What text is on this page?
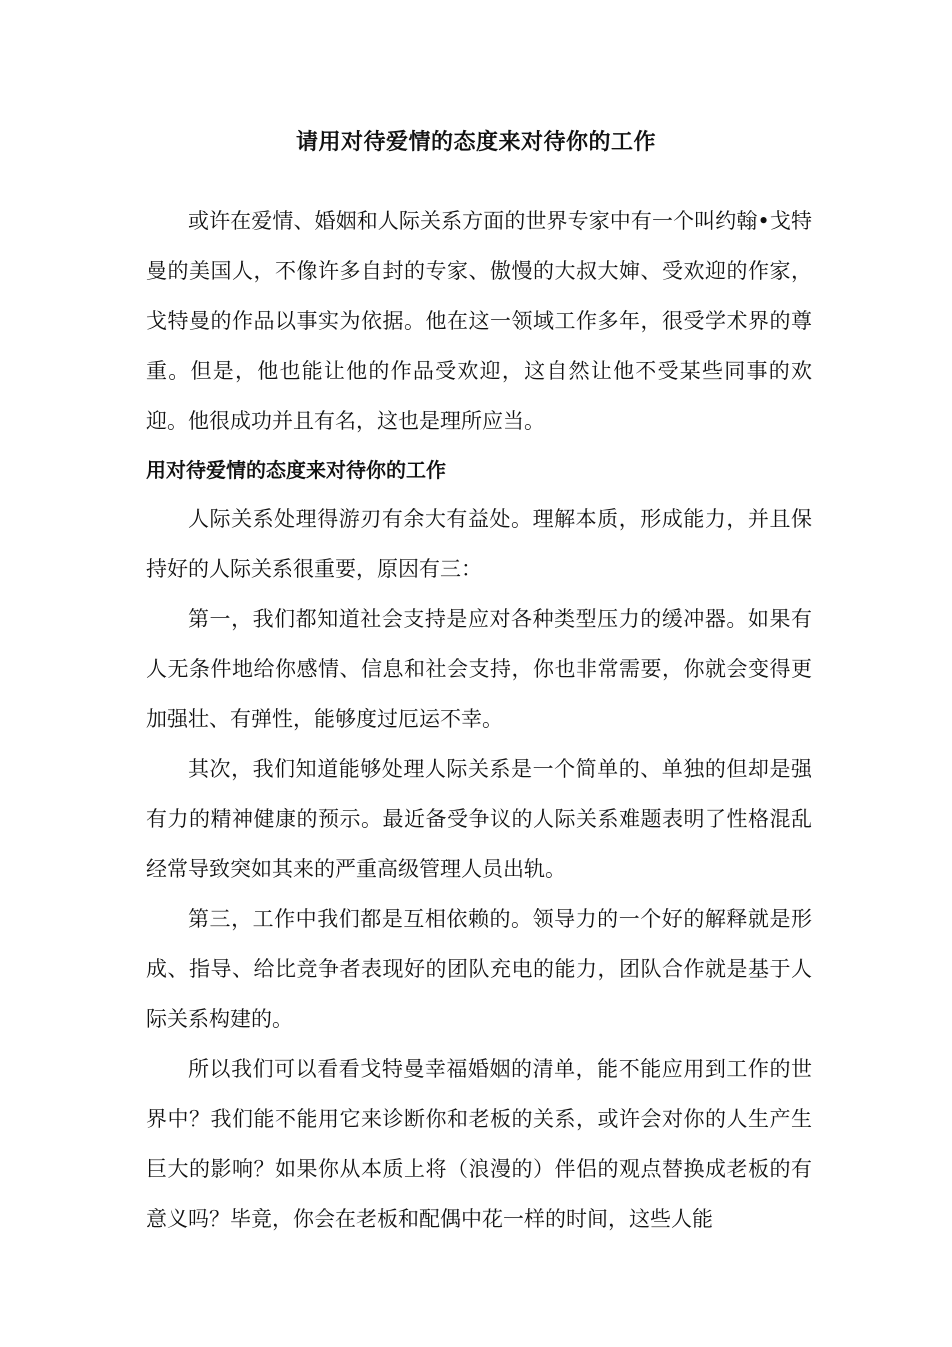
请用对待爱情的态度来对待你的工作

或许在爱情、婚姻和人际关系方面的世界专家中有一个叫约翰•戈特曼的美国人，不像许多自封的专家、傲慢的大叔大婶、受欢迎的作家，戈特曼的作品以事实为依据。他在这一领域工作多年，很受学术界的尊重。但是，他也能让他的作品受欢迎，这自然让他不受某些同事的欢迎。他很成功并且有名，这也是理所应当。

用对待爱情的态度来对待你的工作

人际关系处理得游刃有余大有益处。理解本质，形成能力，并且保持好的人际关系很重要，原因有三：

第一，我们都知道社会支持是应对各种类型压力的缓冲器。如果有人无条件地给你感情、信息和社会支持，你也非常需要，你就会变得更加强壮、有弹性，能够度过厄运不幸。

其次，我们知道能够处理人际关系是一个简单的、单独的但却是强有力的精神健康的预示。最近备受争议的人际关系难题表明了性格混乱经常导致突如其来的严重高级管理人员出轨。

第三，工作中我们都是互相依赖的。领导力的一个好的解释就是形成、指导、给比竞争者表现好的团队充电的能力，团队合作就是基于人际关系构建的。

所以我们可以看看戈特曼幸福婚姻的清单，能不能应用到工作的世界中？我们能不能用它来诊断你和老板的关系，或许会对你的人生产生巨大的影响？如果你从本质上将（浪漫的）伴侣的观点替换成老板的有意义吗？毕竟，你会在老板和配偶中花一样的时间，这些人能
